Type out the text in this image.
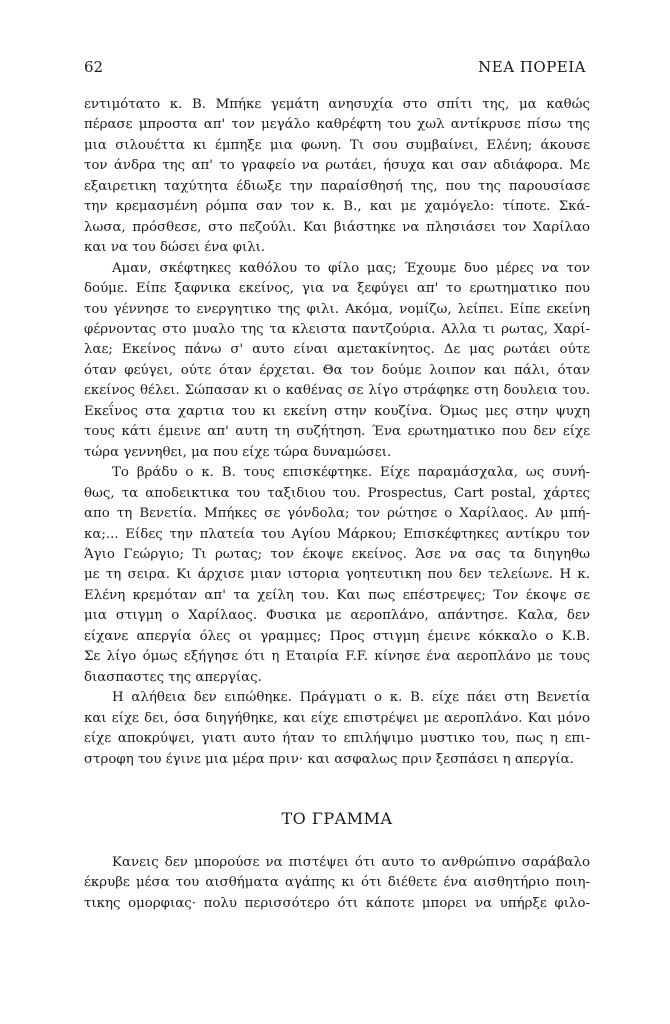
62	ΝΕΑ ΠΟΡΕΙΑ
εντιμότατο κ. Β. Μπήκε γεμάτη ανησυχία στο σπίτι της, μα καθώς
πέρασε μπροστα απ' τον μεγάλο καθρέφτη του χωλ αντίκρυσε πίσω της
μια σιλουέττα κι έμπηξε μια φωνη. Τι σου συμβαίνει, Ελένη; άκουσε
τον άνδρα της απ' το γραφείο να ρωτάει, ήσυχα και σαν αδιάφορα. Με
εξαιρετικη ταχύτητα έδιωξε την παραίσθησή της, που της παρουσίασε
την κρεμασμένη ρόμπα σαν τον κ. Β., και με χαμόγελο: τίποτε. Σκά-
λωσα, πρόσθεσε, στο πεζούλι. Και βιάστηκε να πλησιάσει τον Χαρίλαο
και να του δώσει ένα φιλι.
Αμαν, σκέφτηκες καθόλου το φίλο μας; Έχουμε δυο μέρες να τον
δούμε. Είπε ξαφνικα εκείνος, για να ξεφύγει απ' το ερωτηματικο που
του γέννησε το ενεργητικο της φιλι. Ακόμα, νομίζω, λείπει. Είπε εκείνη
φέρνοντας στο μυαλο της τα κλειστα παντζούρια. Αλλα τι ρωτας, Χαρί-
λαε; Εκείνος πάνω σ' αυτο είναι αμετακίνητος. Δε μας ρωτάει ούτε
όταν φεύγει, ούτε όταν έρχεται. Θα τον δούμε λοιπον και πάλι, όταν
εκείνος θέλει. Σώπασαν κι ο καθένας σε λίγο στράφηκε στη δουλεια του.
Εκεΐνος στα χαρτια του κι εκείνη στην κουζίνα. Όμως μες στην ψυχη
τους κάτι έμεινε απ' αυτη τη συζήτηση. Ένα ερωτηματικο που δεν είχε
τώρα γεννηθει, μα που είχε τώρα δυναμώσει.
Το βράδυ ο κ. Β. τους επισκέφτηκε. Είχε παραμάσχαλα, ως συνή-
θως, τα αποδεικτικα του ταξιδιου του. Prospectus, Cart postal, χάρτες
απο τη Βενετία. Μπήκες σε γόνδολα; τον ρώτησε ο Χαρίλαος. Αν μπή-
κα;... Είδες την πλατεία του Αγίου Μάρκου; Επισκέφτηκες αντίκρυ τον
Άγιο Γεώργιο; Τι ρωτας; τον έκοψε εκείνος. Άσε να σας τα διηγηθω
με τη σειρα. Κι άρχισε μιαν ιστορια γοητευτικη που δεν τελείωνε. Η κ.
Ελένη κρεμόταν απ' τα χείλη του. Και πως επέστρεψες; Τον έκοψε σε
μια στιγμη ο Χαρίλαος. Φυσικα με αεροπλάνο, απάντησε. Καλα, δεν
είχανε απεργία όλες οι γραμμες; Προς στιγμη έμεινε κόκκαλο ο Κ.Β.
Σε λίγο όμως εξήγησε ότι η Εταιρία F.F. κίνησε ένα αεροπλάνο με τους
διασπαστες της απεργίας.
Η αλήθεια δεν ειπώθηκε. Πράγματι ο κ. Β. είχε πάει στη Βενετία
και είχε δει, όσα διηγήθηκε, και είχε επιστρέψει με αεροπλάνο. Και μόνο
είχε αποκρύψει, γιατι αυτο ήταν το επιλήψιμο μυστικο του, πως η επι-
στροφη του έγινε μια μέρα πριν· και ασφαλως πριν ξεσπάσει η απεργία.
ΤΟ ΓΡΑΜΜΑ
Κανεις δεν μπορούσε να πιστέψει ότι αυτο το ανθρώπινο σαράβαλο
έκρυβε μέσα του αισθήματα αγάπης κι ότι διέθετε ένα αισθητήριο ποιη-
τικης ομορφιας· πολυ περισσότερο ότι κάποτε μπορει να υπήρξε φιλο-
